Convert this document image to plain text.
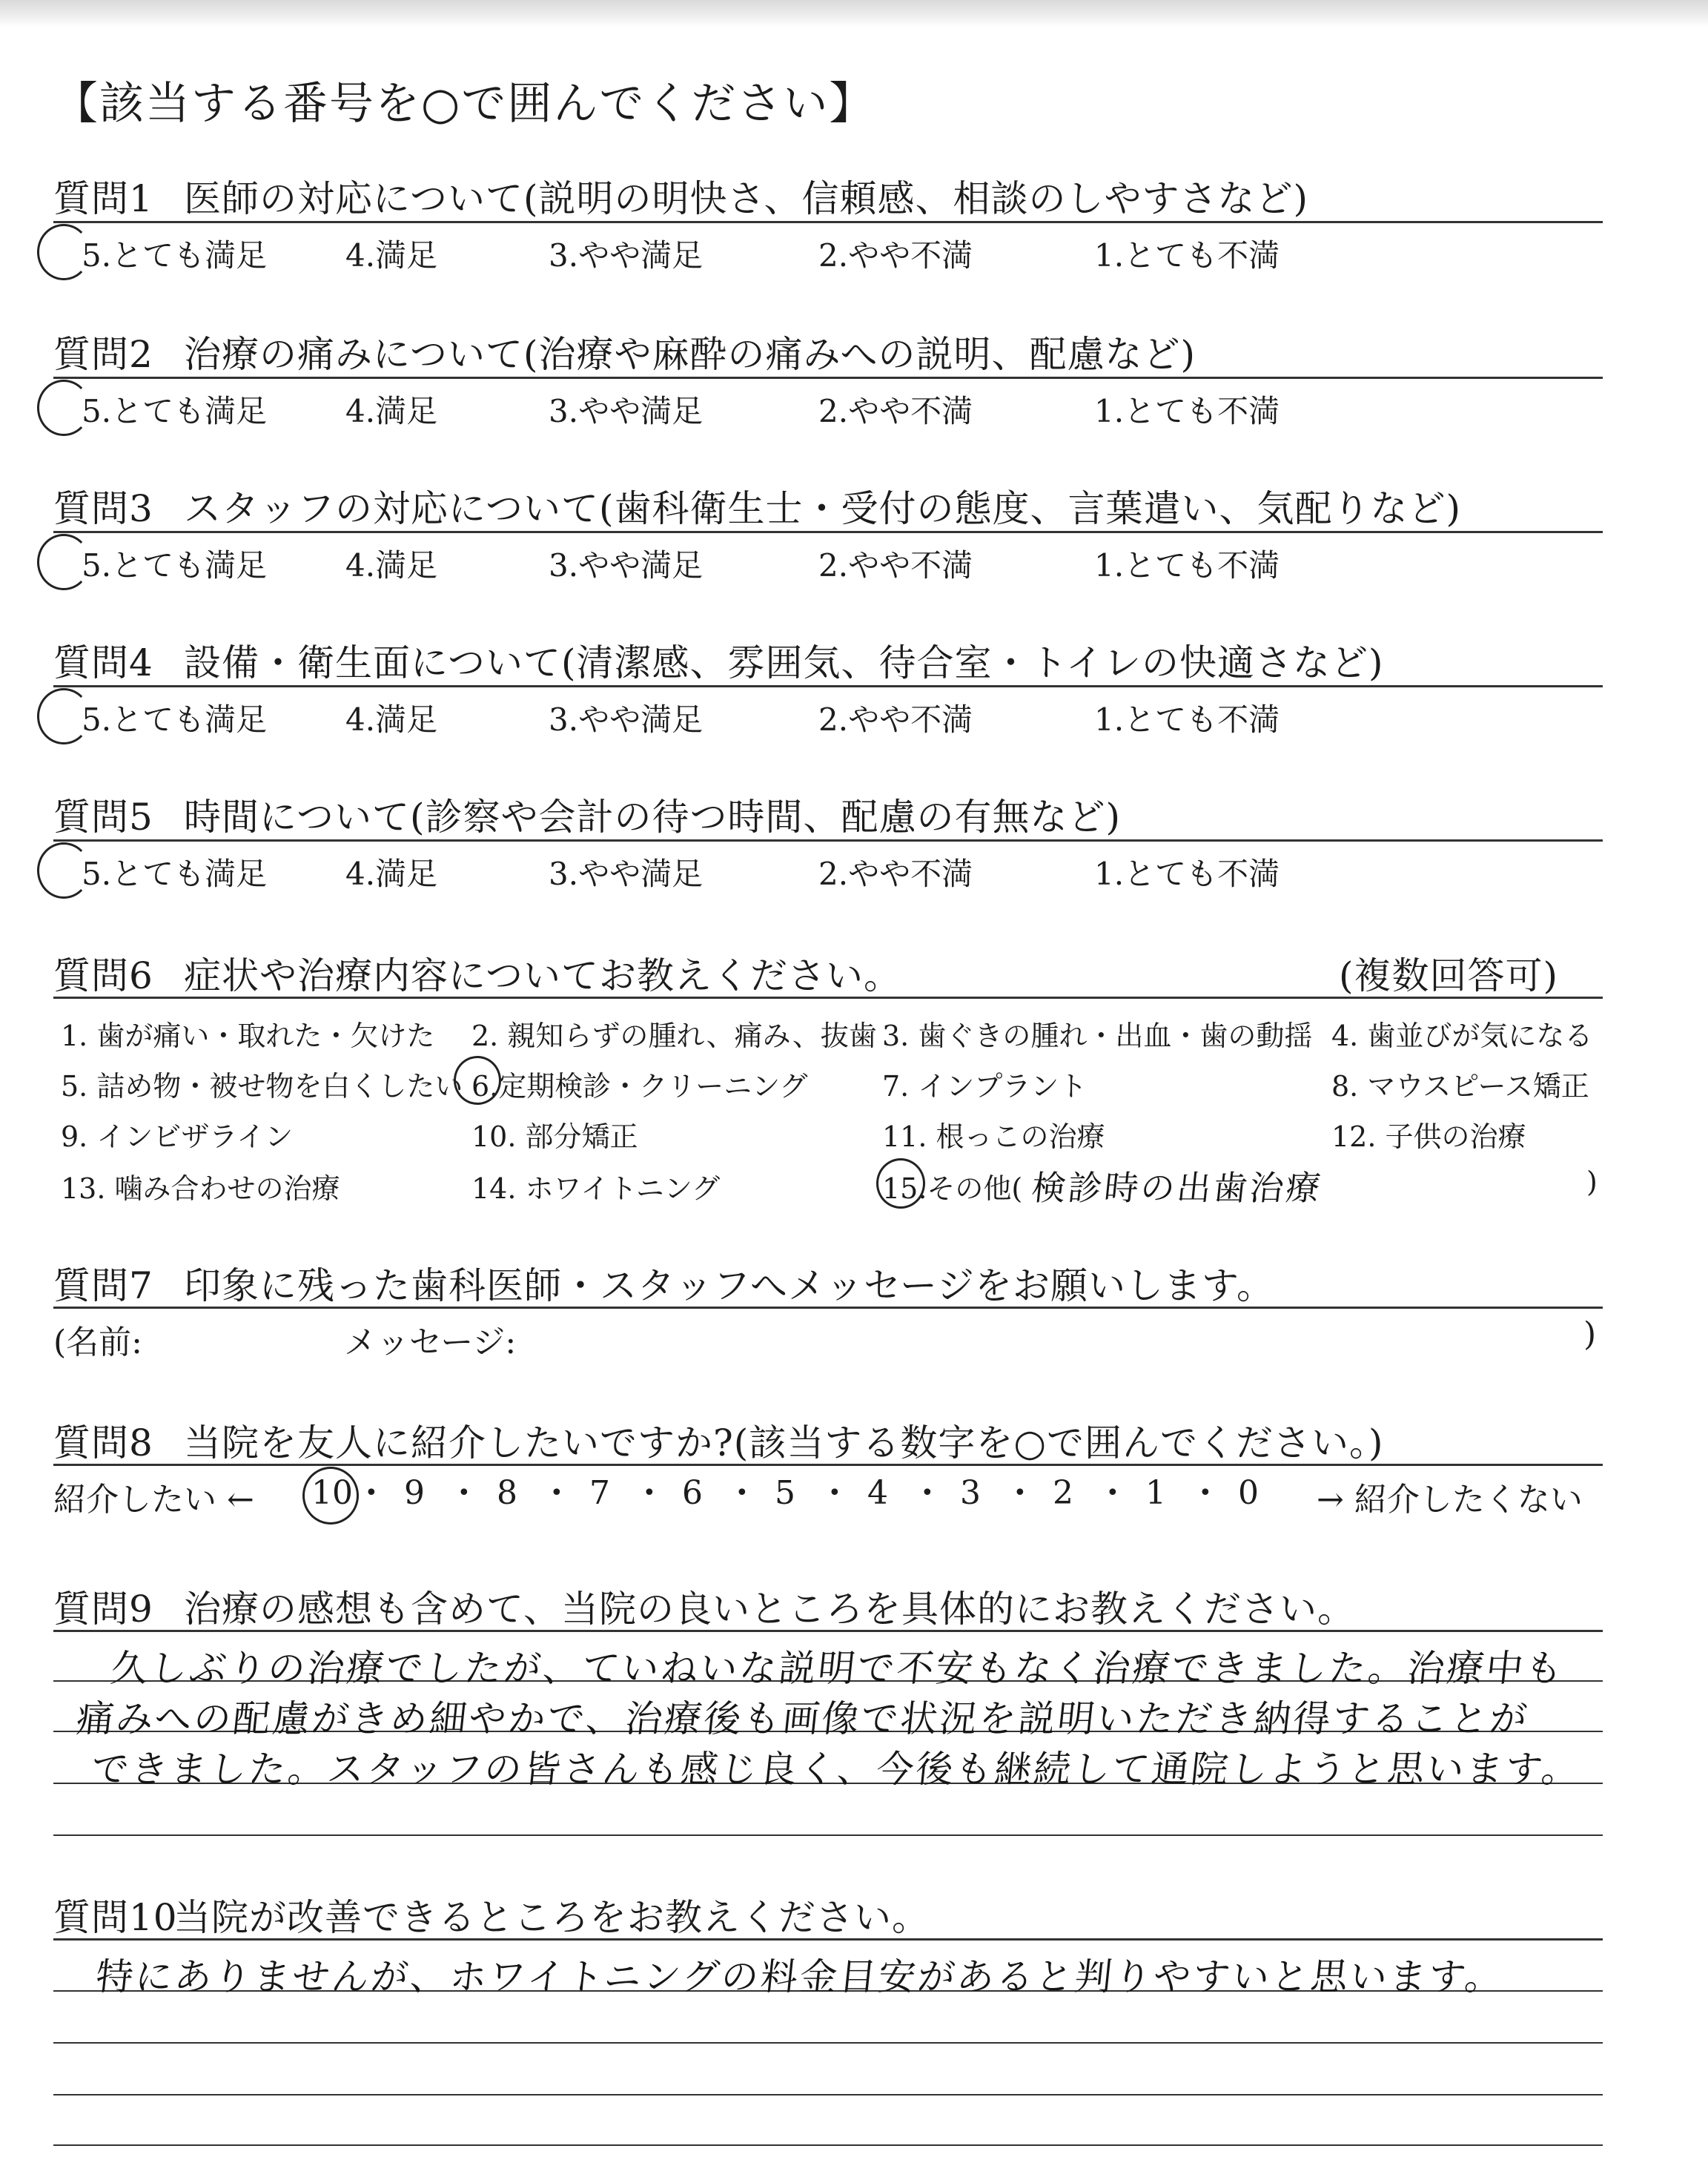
【該当する番号を○で囲んでください】
質問1 医師の対応について(説明の明快さ、信頼感、相談のしやすさなど)
5.とても満足	4.満足	3.やや満足	2.やや不満	1.とても不満
質問2 治療の痛みについて(治療や麻酔の痛みへの説明、配慮など)
5.とても満足	4.満足	3.やや満足	2.やや不満	1.とても不満
質問3 スタッフの対応について(歯科衛生士・受付の態度、言葉遣い、気配りなど)
5.とても満足	4.満足	3.やや満足	2.やや不満	1.とても不満
質問4 設備・衛生面について(清潔感、雰囲気、待合室・トイレの快適さなど)
5.とても満足	4.満足	3.やや満足	2.やや不満	1.とても不満
質問5 時間について(診察や会計の待つ時間、配慮の有無など)
5.とても満足	4.満足	3.やや満足	2.やや不満	1.とても不満
質問6 症状や治療内容についてお教えください。	(複数回答可)
1. 歯が痛い・取れた・欠けた 2. 親知らずの腫れ、痛み、抜歯 3. 歯ぐきの腫れ・出血・歯の動揺 4. 歯並びが気になる
5. 詰め物・被せ物を白くしたい 6.定期検診・クリーニング	7. インプラント	8. マウスピース矯正
9. インビザライン	10. 部分矯正	11. 根っこの治療	12. 子供の治療
13. 噛み合わせの治療	14. ホワイトニング	15.その他( 検診時の出歯治療	)
質問7 印象に残った歯科医師・スタッフへメッセージをお願いします。
(名前:	メッセージ:	)
質問8 当院を友人に紹介したいですか?(該当する数字を○で囲んでください。)
紹介したい ←	→ 紹介したくない
10 • 9 • 8 • 7 • 6 • 5 • 4 • 3 • 2 • 1 • 0
質問9 治療の感想も含めて、当院の良いところを具体的にお教えください。
久しぶりの治療でしたが、ていねいな説明で不安もなく治療できました。治療中も
痛みへの配慮がきめ細やかで、治療後も画像で状況を説明いただき納得することが
できました。スタッフの皆さんも感じ良く、今後も継続して通院しようと思います。
質問10
当院が改善できるところをお教えください。
特にありませんが、ホワイトニングの料金目安があると判りやすいと思います。
